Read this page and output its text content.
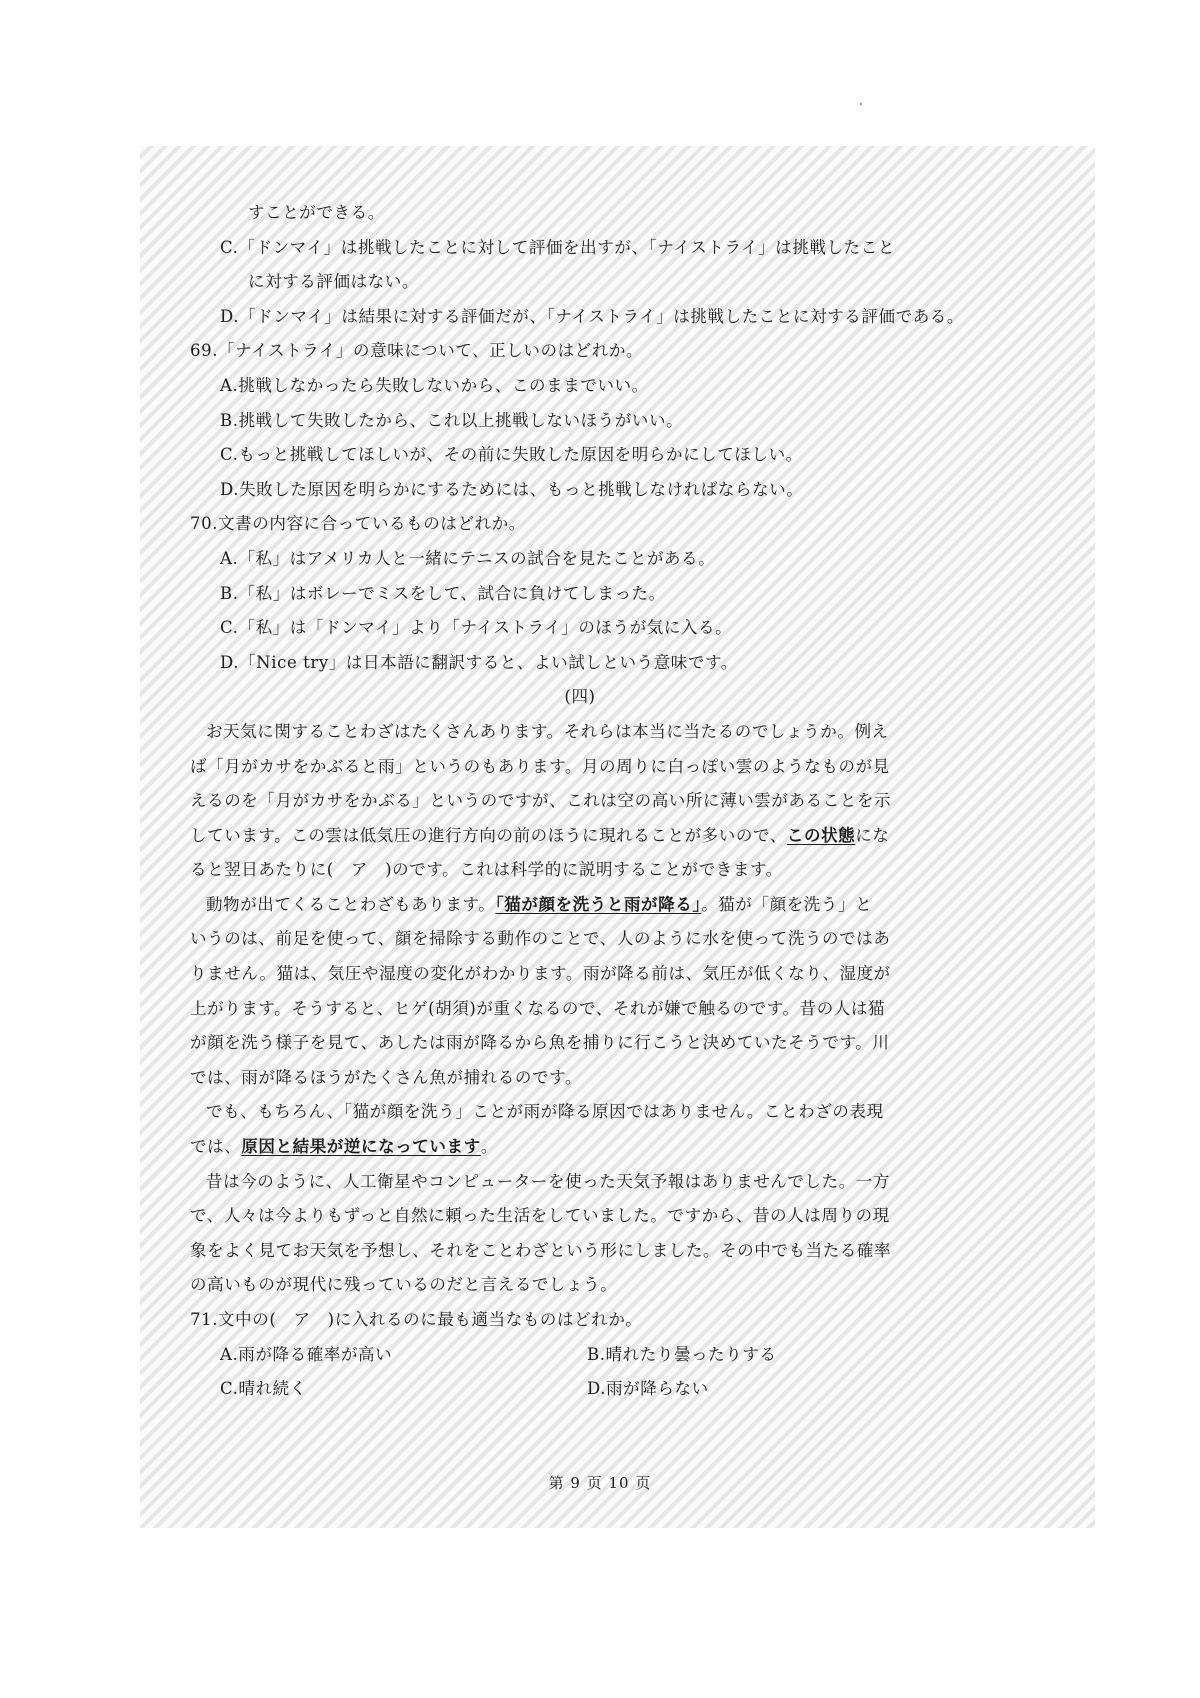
すことができる。
C.「ドンマイ」は挑戦したことに対して評価を出すが、「ナイストライ」は挑戦したこと
に対する評価はない。
D.「ドンマイ」は結果に対する評価だが、「ナイストライ」は挑戦したことに対する評価である。
69.「ナイストライ」の意味について、正しいのはどれか。
A.挑戦しなかったら失敗しないから、このままでいい。
B.挑戦して失敗したから、これ以上挑戦しないほうがいい。
C.もっと挑戦してほしいが、その前に失敗した原因を明らかにしてほしい。
D.失敗した原因を明らかにするためには、もっと挑戦しなければならない。
70.文書の内容に合っているものはどれか。
A.「私」はアメリカ人と一緒にテニスの試合を見たことがある。
B.「私」はボレーでミスをして、試合に負けてしまった。
C.「私」は「ドンマイ」より「ナイストライ」のほうが気に入る。
D.「Nice try」は日本語に翻訳すると、よい試しという意味です。
(四)
お天気に関することわざはたくさんあります。それらは本当に当たるのでしょうか。例え
ば「月がカサをかぶると雨」というのもあります。月の周りに白っぽい雲のようなものが見
えるのを「月がカサをかぶる」というのですが、これは空の高い所に薄い雲があることを示
しています。この雲は低気圧の進行方向の前のほうに現れることが多いので、この状態にな
ると翌日あたりに(　ア　)のです。これは科学的に説明することができます。
動物が出てくることわざもあります。「猫が顔を洗うと雨が降る」。猫が「顔を洗う」と
いうのは、前足を使って、顔を掃除する動作のことで、人のように水を使って洗うのではあ
りません。猫は、気圧や湿度の変化がわかります。雨が降る前は、気圧が低くなり、湿度が
上がります。そうすると、ヒゲ(胡須)が重くなるので、それが嫌で触るのです。昔の人は猫
が顔を洗う様子を見て、あしたは雨が降るから魚を捕りに行こうと決めていたそうです。川
では、雨が降るほうがたくさん魚が捕れるのです。
でも、もちろん、「猫が顔を洗う」ことが雨が降る原因ではありません。ことわざの表現
では、原因と結果が逆になっています。
昔は今のように、人工衛星やコンピューターを使った天気予報はありませんでした。一方
で、人々は今よりもずっと自然に頼った生活をしていました。ですから、昔の人は周りの現
象をよく見てお天気を予想し、それをことわざという形にしました。その中でも当たる確率
の高いものが現代に残っているのだと言えるでしょう。
71.文中の(　ア　)に入れるのに最も適当なものはどれか。
A.雨が降る確率が高い	B.晴れたり曇ったりする
C.晴れ続く	D.雨が降らない
第 9 页 10 页
